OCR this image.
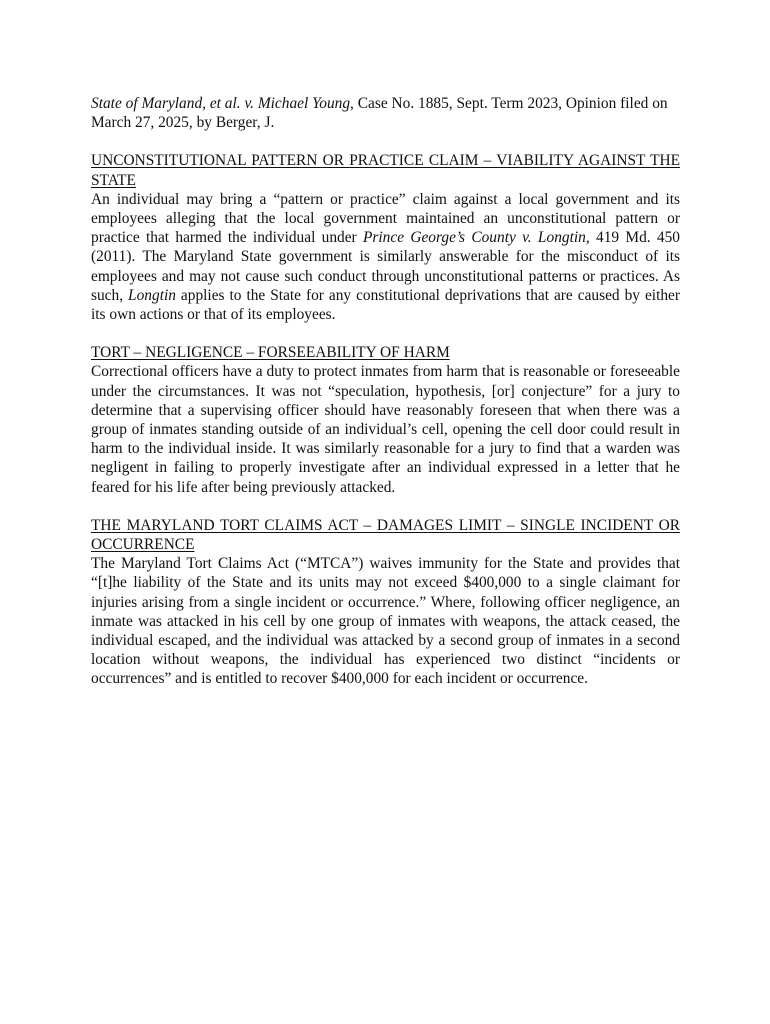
State of Maryland, et al. v. Michael Young, Case No. 1885, Sept. Term 2023, Opinion filed on March 27, 2025, by Berger, J.

UNCONSTITUTIONAL PATTERN OR PRACTICE CLAIM – VIABILITY AGAINST THE STATE

An individual may bring a “pattern or practice” claim against a local government and its employees alleging that the local government maintained an unconstitutional pattern or practice that harmed the individual under Prince George’s County v. Longtin, 419 Md. 450 (2011). The Maryland State government is similarly answerable for the misconduct of its employees and may not cause such conduct through unconstitutional patterns or practices. As such, Longtin applies to the State for any constitutional deprivations that are caused by either its own actions or that of its employees.

TORT – NEGLIGENCE – FORSEEABILITY OF HARM

Correctional officers have a duty to protect inmates from harm that is reasonable or foreseeable under the circumstances. It was not “speculation, hypothesis, [or] conjecture” for a jury to determine that a supervising officer should have reasonably foreseen that when there was a group of inmates standing outside of an individual’s cell, opening the cell door could result in harm to the individual inside. It was similarly reasonable for a jury to find that a warden was negligent in failing to properly investigate after an individual expressed in a letter that he feared for his life after being previously attacked.

THE MARYLAND TORT CLAIMS ACT – DAMAGES LIMIT – SINGLE INCIDENT OR OCCURRENCE

The Maryland Tort Claims Act (“MTCA”) waives immunity for the State and provides that “[t]he liability of the State and its units may not exceed $400,000 to a single claimant for injuries arising from a single incident or occurrence.” Where, following officer negligence, an inmate was attacked in his cell by one group of inmates with weapons, the attack ceased, the individual escaped, and the individual was attacked by a second group of inmates in a second location without weapons, the individual has experienced two distinct “incidents or occurrences” and is entitled to recover $400,000 for each incident or occurrence.
